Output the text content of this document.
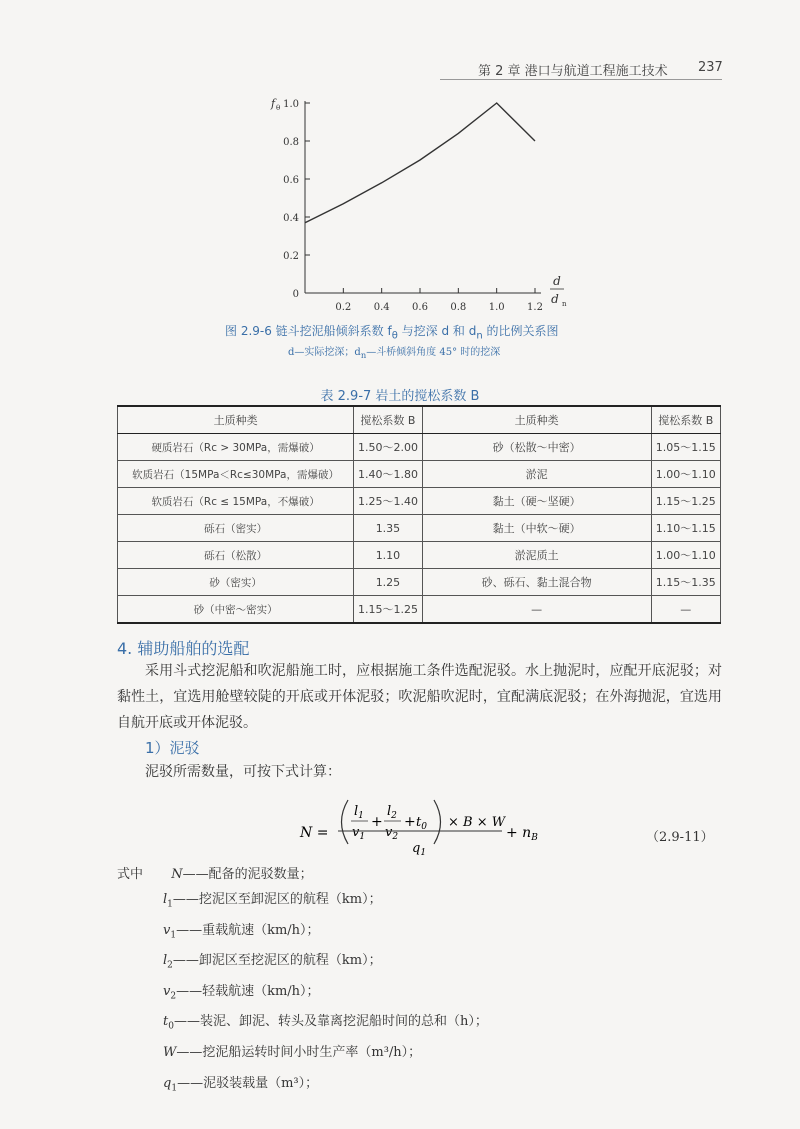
第 2 章 港口与航道工程施工技术 237
0
0.2
0.4
0.6
0.8
1.0
0.2 0.4 0.6 0.8 1.0 1.2
f θ
d
d n
图 2.9-6 链斗挖泥船倾斜系数 $f_\theta$ 与挖深 d 和 $d_n$ 的比例关系图
d—实际挖深；$d_n—$斗桥倾斜角度 45° 时的挖深
表 2.9-7 岩土的搅松系数 B
土质种类	搅松系数 B	土质种类	搅松系数 B
硬质岩石（Rc > 30MPa，需爆破）	1.50～2.00	砂（松散～中密）	1.05～1.15
软质岩石（15MPa＜Rc≤30MPa，需爆破）	1.40～1.80	淤泥	1.00～1.10
软质岩石（Rc ≤ 15MPa，不爆破）	1.25～1.40	黏土（硬～坚硬）	1.15～1.25
砾石（密实）	1.35	黏土（中软～硬）	1.10～1.15
砾石（松散）	1.10	淤泥质土	1.00～1.10
砂（密实）	1.25	砂、砾石、黏土混合物	1.15～1.35
砂（中密～密实）	1.15～1.25	—	—
4. 辅助船舶的选配

采用斗式挖泥船和吹泥船施工时，应根据施工条件选配泥驳。水上抛泥时，应配开底泥驳；对黏性土，宜选用舱壁较陡的开底或开体泥驳；吹泥船吹泥时，宜配满底泥驳；在外海抛泥，宜选用自航开底或开体泥驳。

1）泥驳

泥驳所需数量，可按下式计算：

N =
$l_1$
$v_1$
+
$l_2$
$v_2$
+ $t_0 \times B \times W$
$q_1$
+ $n_B$	（2.9-11）
式中 N——配备的泥驳数量；
$l_1——$挖泥区至卸泥区的航程（km）；
$v_1——$重载航速（km/h）；
$l_2——$卸泥区至挖泥区的航程（km）；
$v_2——$轻载航速（km/h）；
$t_0——$装泥、卸泥、转头及靠离挖泥船时间的总和（h）；
W——挖泥船运转时间小时生产率（m³/h）；
$q_1——$泥驳装载量（m³）；
